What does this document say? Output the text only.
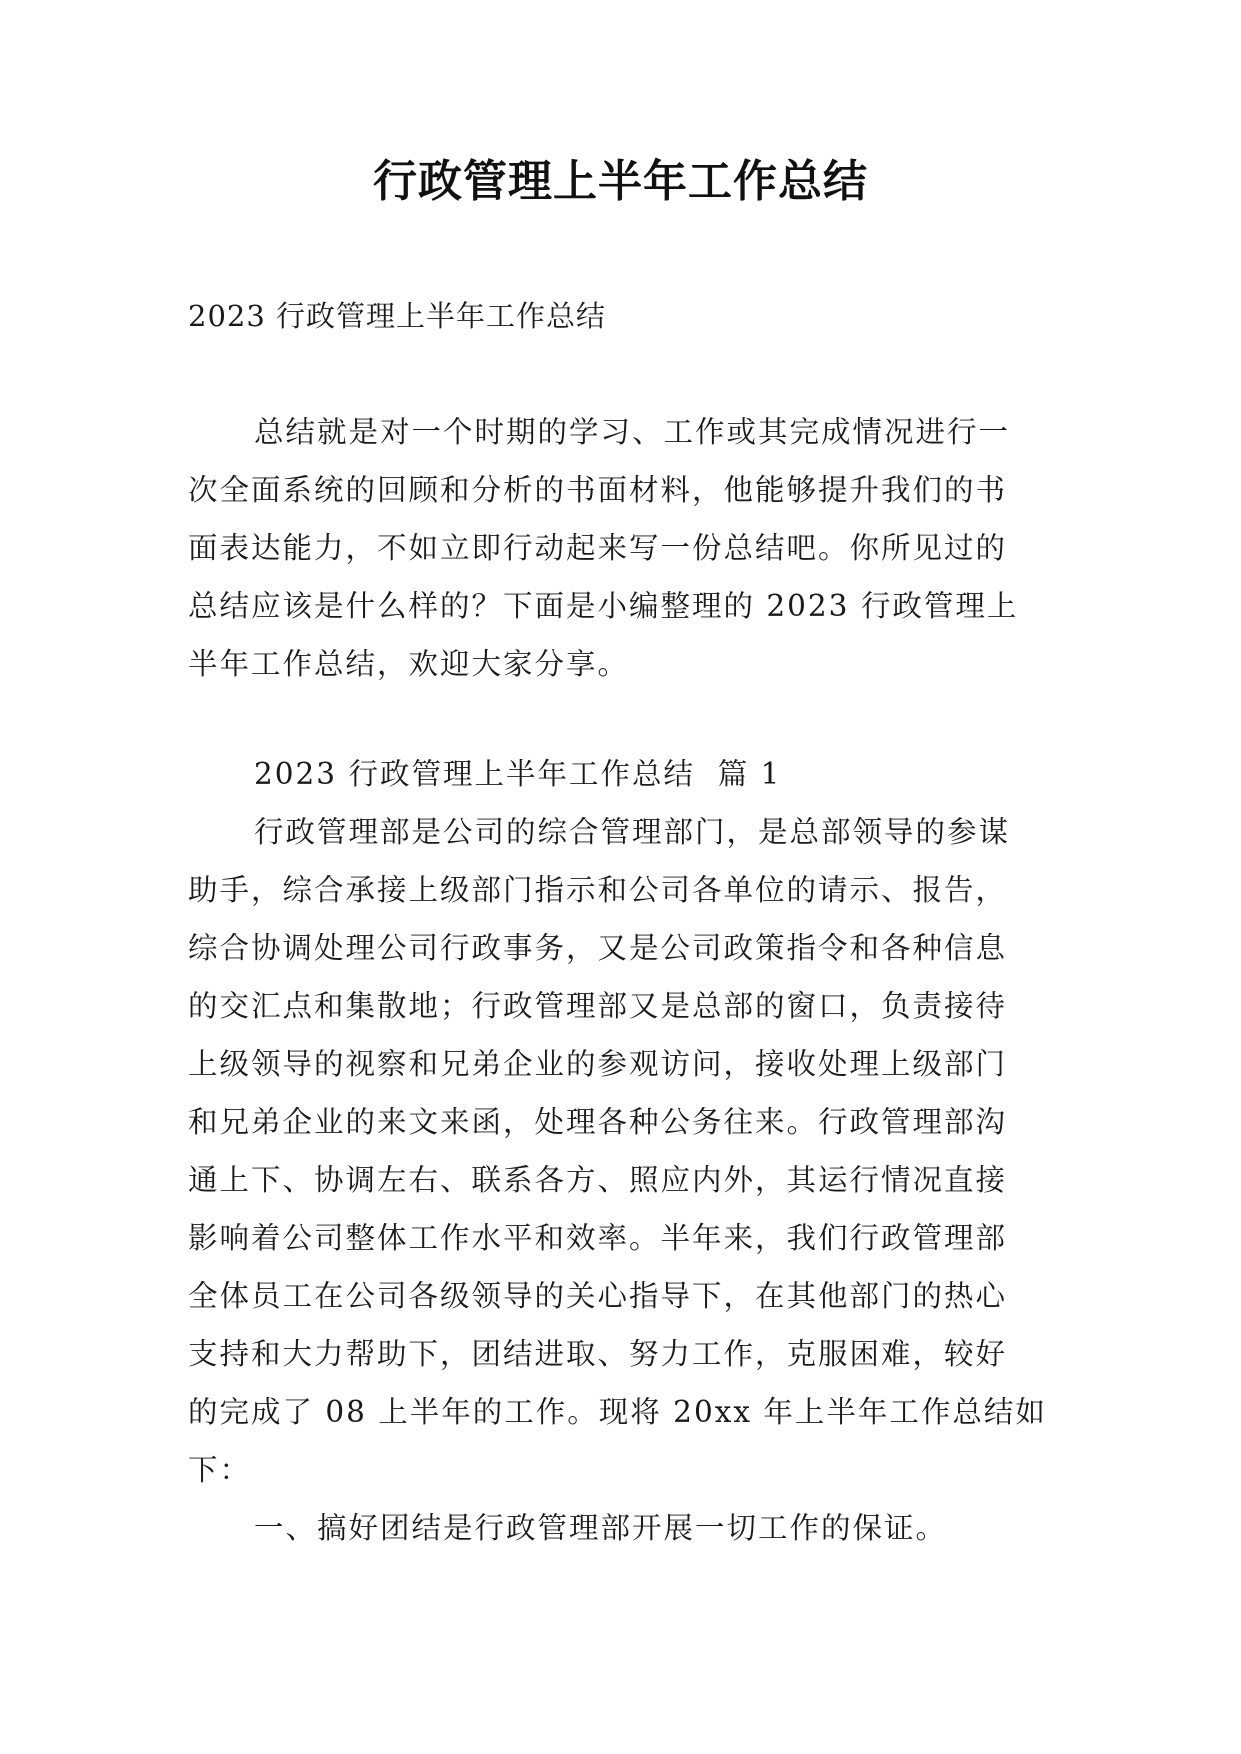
行政管理上半年工作总结
2023 行政管理上半年工作总结
总结就是对一个时期的学习、工作或其完成情况进行一
次全面系统的回顾和分析的书面材料，他能够提升我们的书
面表达能力，不如立即行动起来写一份总结吧。你所见过的
总结应该是什么样的？下面是小编整理的 2023 行政管理上
半年工作总结，欢迎大家分享。
2023 行政管理上半年工作总结  篇 1
行政管理部是公司的综合管理部门，是总部领导的参谋
助手，综合承接上级部门指示和公司各单位的请示、报告，
综合协调处理公司行政事务，又是公司政策指令和各种信息
的交汇点和集散地；行政管理部又是总部的窗口，负责接待
上级领导的视察和兄弟企业的参观访问，接收处理上级部门
和兄弟企业的来文来函，处理各种公务往来。行政管理部沟
通上下、协调左右、联系各方、照应内外，其运行情况直接
影响着公司整体工作水平和效率。半年来，我们行政管理部
全体员工在公司各级领导的关心指导下，在其他部门的热心
支持和大力帮助下，团结进取、努力工作，克服困难，较好
的完成了 08 上半年的工作。现将 20xx 年上半年工作总结如
下：
一、搞好团结是行政管理部开展一切工作的保证。
